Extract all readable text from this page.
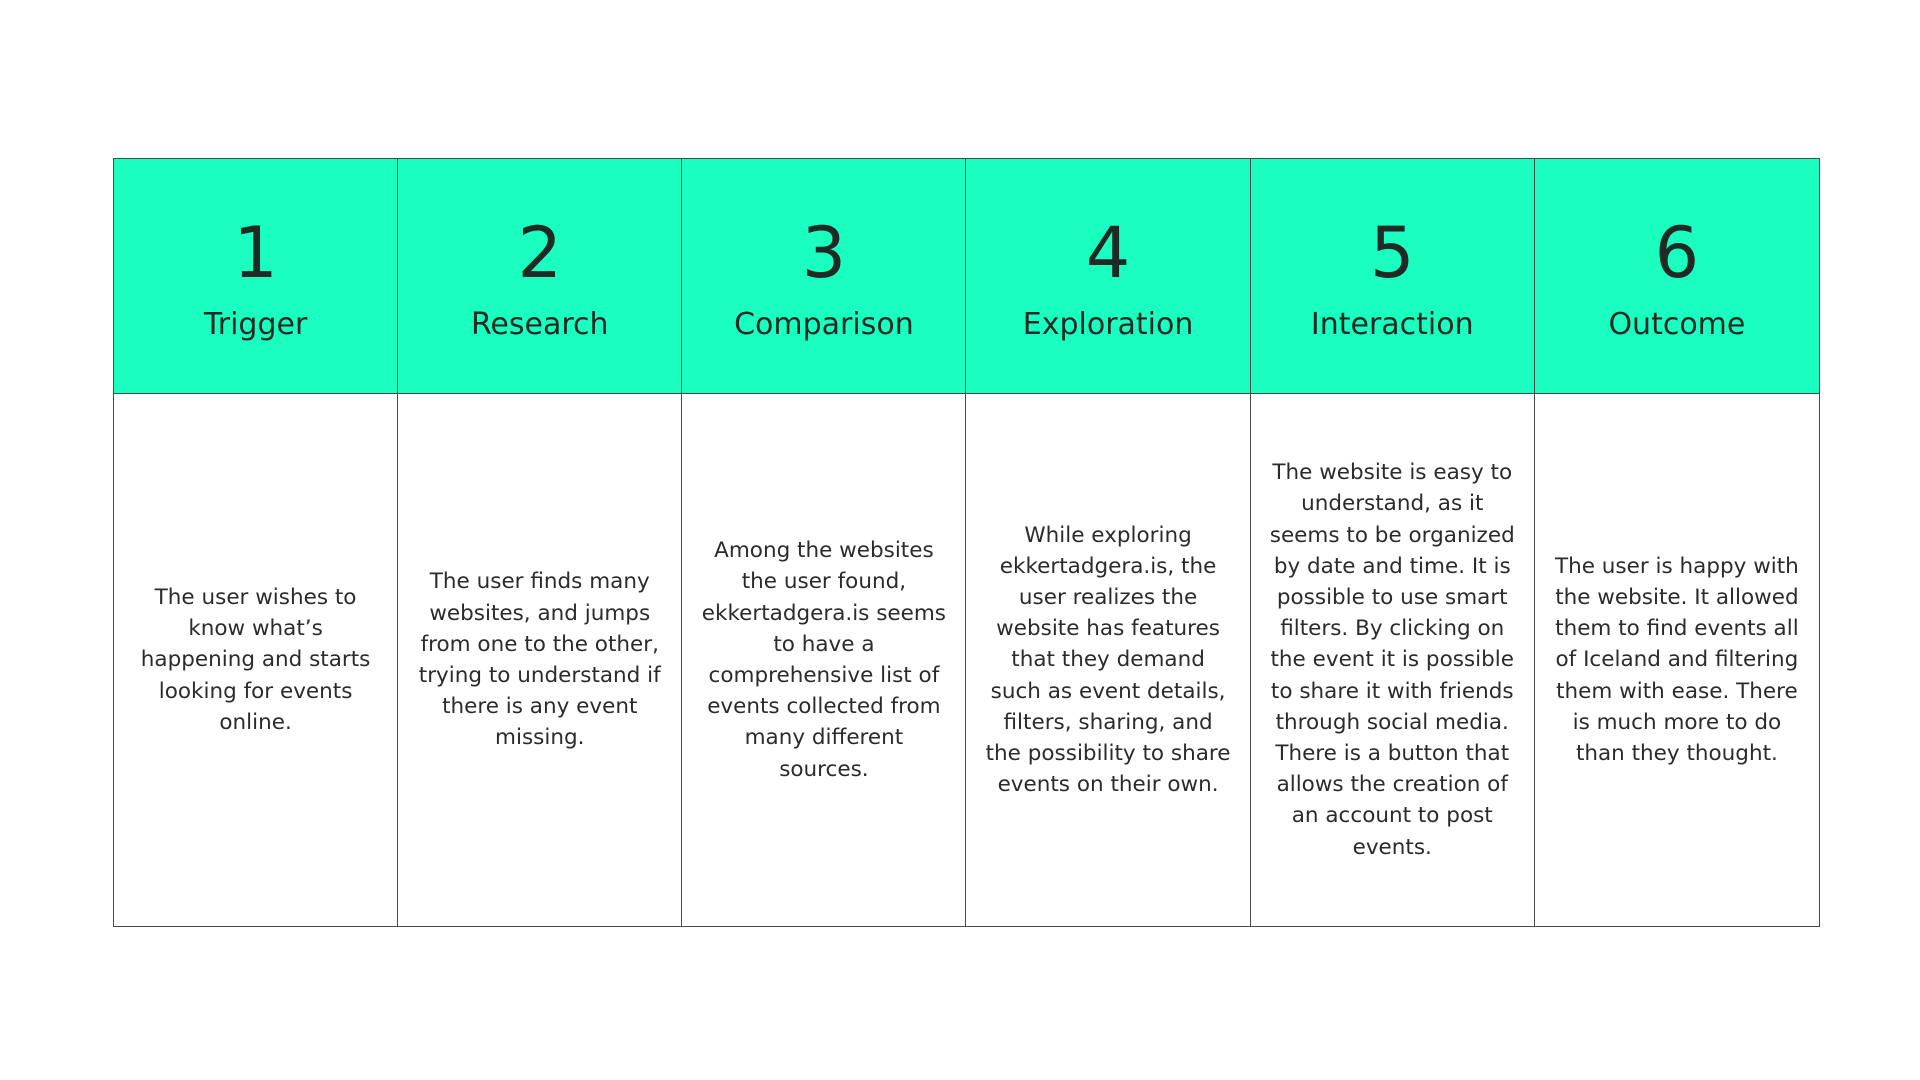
1
Trigger
2
Research
3
Comparison
4
Exploration
5
Interaction
6
Outcome
The user wishes to know what’s happening and starts looking for events online.
The user finds many websites, and jumps from one to the other, trying to understand if there is any event missing.
Among the websites the user found, ekkertadgera.is seems to have a comprehensive list of events collected from many different sources.
While exploring ekkertadgera.is, the user realizes the website has features that they demand such as event details, filters, sharing, and the possibility to share events on their own.
The website is easy to understand, as it seems to be organized by date and time. It is possible to use smart filters. By clicking on the event it is possible to share it with friends through social media. There is a button that allows the creation of an account to post events.
The user is happy with the website. It allowed them to find events all of Iceland and filtering them with ease. There is much more to do than they thought.
